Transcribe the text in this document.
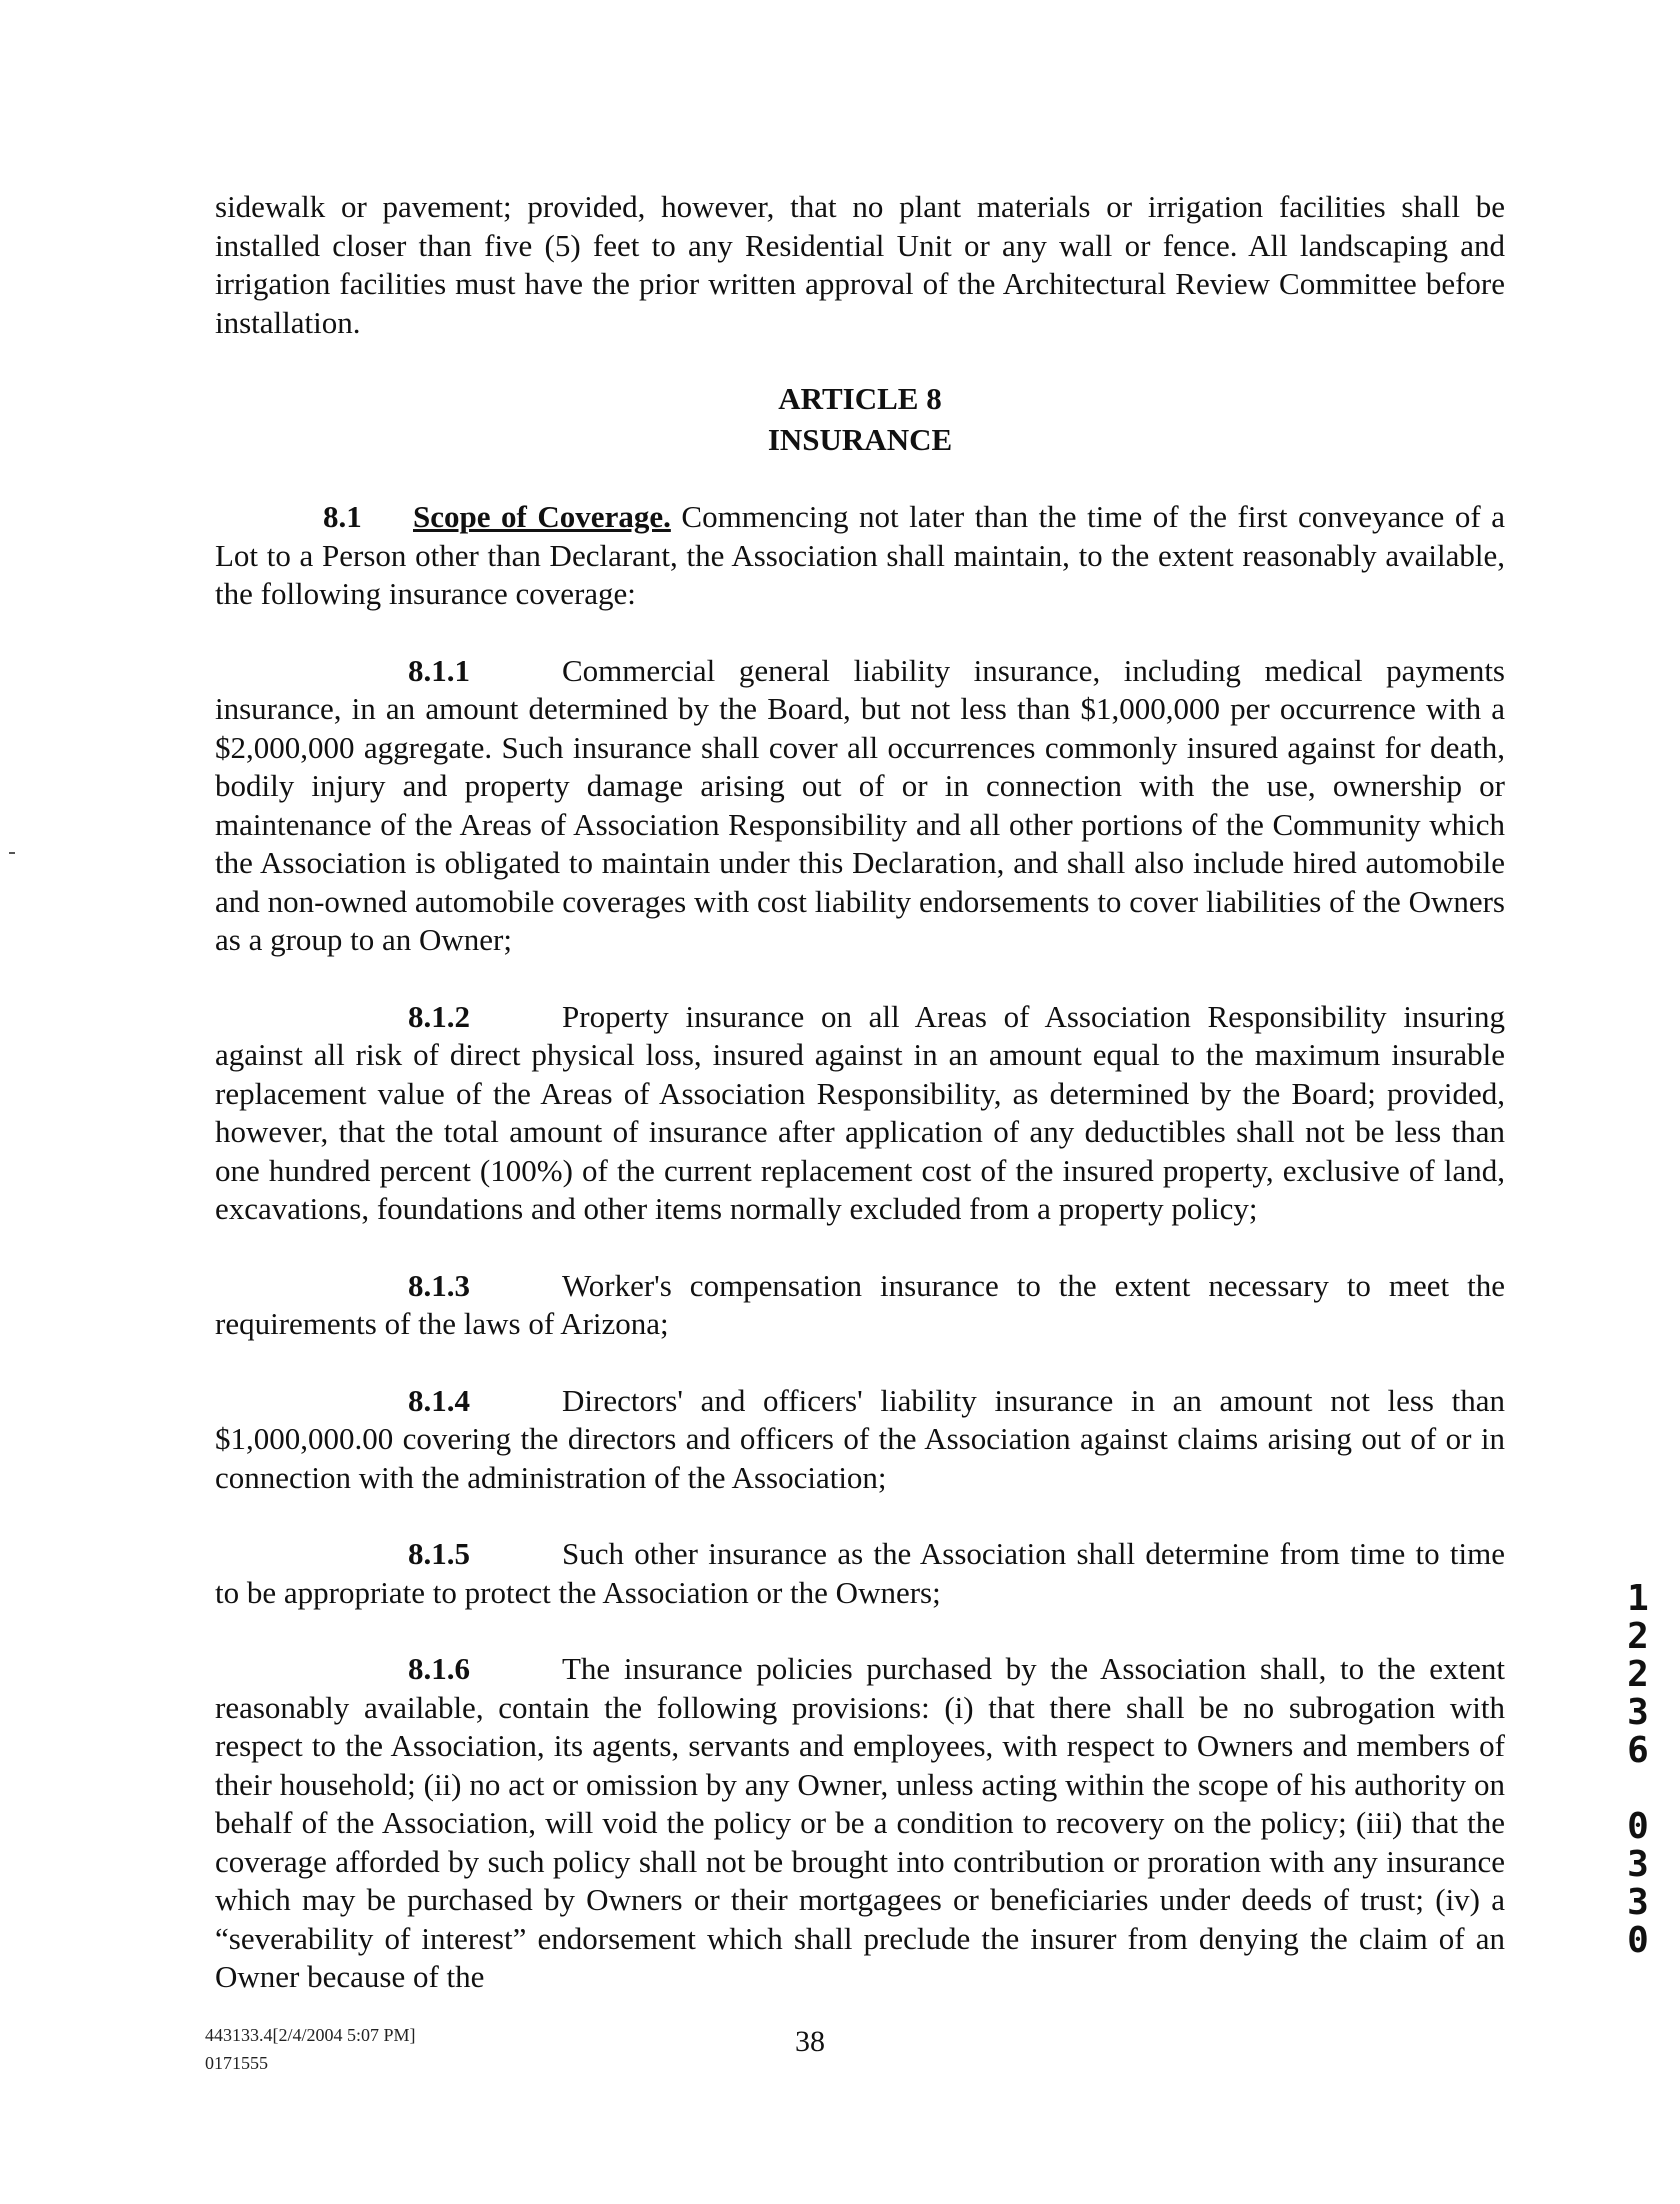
sidewalk or pavement; provided, however, that no plant materials or irrigation facilities shall be installed closer than five (5) feet to any Residential Unit or any wall or fence. All landscaping and irrigation facilities must have the prior written approval of the Architectural Review Committee before installation.

ARTICLE 8
INSURANCE

8.1 Scope of Coverage. Commencing not later than the time of the first conveyance of a Lot to a Person other than Declarant, the Association shall maintain, to the extent reasonably available, the following insurance coverage:

8.1.1	Commercial general liability insurance, including medical payments insurance, in an amount determined by the Board, but not less than $1,000,000 per occurrence with a $2,000,000 aggregate. Such insurance shall cover all occurrences commonly insured against for death, bodily injury and property damage arising out of or in connection with the use, ownership or maintenance of the Areas of Association Responsibility and all other portions of the Community which the Association is obligated to maintain under this Declaration, and shall also include hired automobile and non-owned automobile coverages with cost liability endorsements to cover liabilities of the Owners as a group to an Owner;

8.1.2	Property insurance on all Areas of Association Responsibility insuring against all risk of direct physical loss, insured against in an amount equal to the maximum insurable replacement value of the Areas of Association Responsibility, as determined by the Board; provided, however, that the total amount of insurance after application of any deductibles shall not be less than one hundred percent (100%) of the current replacement cost of the insured property, exclusive of land, excavations, foundations and other items normally excluded from a property policy;

8.1.3	Worker's compensation insurance to the extent necessary to meet the requirements of the laws of Arizona;

8.1.4	Directors' and officers' liability insurance in an amount not less than $1,000,000.00 covering the directors and officers of the Association against claims arising out of or in connection with the administration of the Association;

8.1.5	Such other insurance as the Association shall determine from time to time to be appropriate to protect the Association or the Owners;

8.1.6	The insurance policies purchased by the Association shall, to the extent reasonably available, contain the following provisions: (i) that there shall be no subrogation with respect to the Association, its agents, servants and employees, with respect to Owners and members of their household; (ii) no act or omission by any Owner, unless acting within the scope of his authority on behalf of the Association, will void the policy or be a condition to recovery on the policy; (iii) that the coverage afforded by such policy shall not be brought into contribution or proration with any insurance which may be purchased by Owners or their mortgagees or beneficiaries under deeds of trust; (iv) a “severability of interest” endorsement which shall preclude the insurer from denying the claim of an Owner because of the

443133.4[2/4/2004 5:07 PM]
0171555
38
1
2
2
3
6
0
3
3
0
